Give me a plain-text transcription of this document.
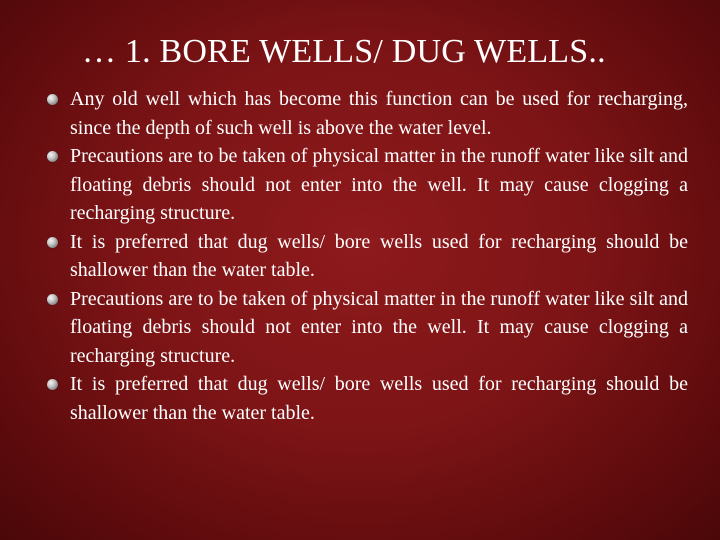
… 1. BORE WELLS/ DUG WELLS..
Any old well which has become this function can be used for recharging, since the depth of such well is above the water level.
Precautions are to be taken of physical matter in the runoff water like silt and floating debris should not enter into the well. It may cause clogging a recharging structure.
It is preferred that dug wells/ bore wells used for recharging should be shallower than the water table.
Precautions are to be taken of physical matter in the runoff water like silt and floating debris should not enter into the well. It may cause clogging a recharging structure.
It is preferred that dug wells/ bore wells used for recharging should be shallower than the water table.
